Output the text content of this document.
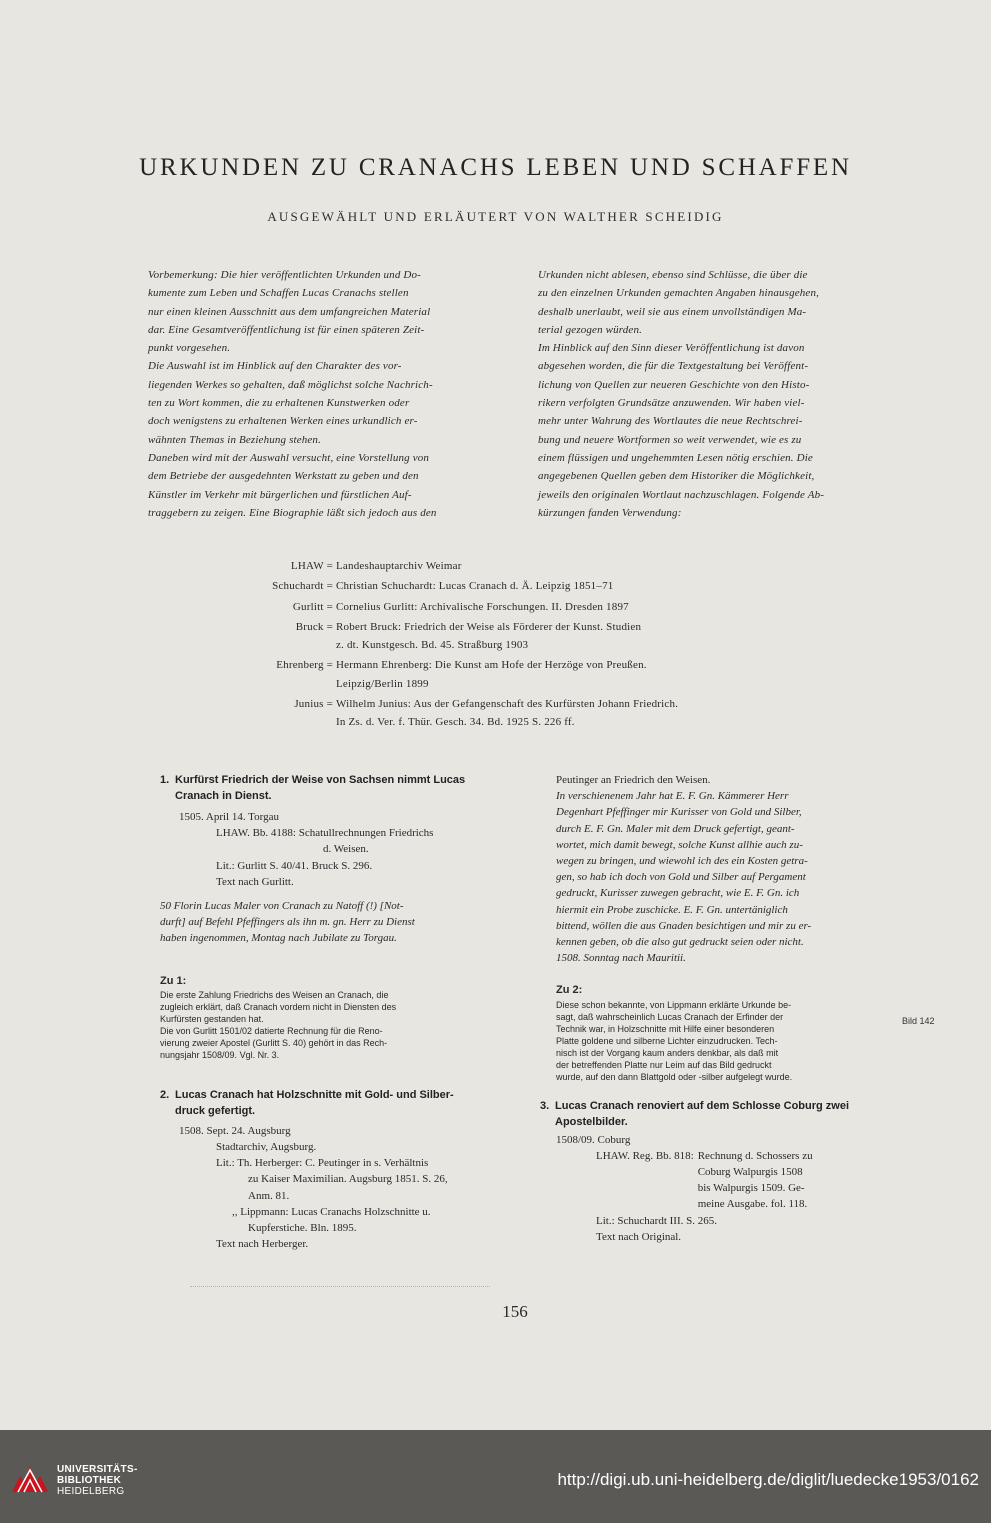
URKUNDEN ZU CRANACHS LEBEN UND SCHAFFEN
AUSGEWÄHLT UND ERLÄUTERT VON WALTHER SCHEIDIG

Vorbemerkung: Die hier veröffentlichten Urkunden und Do-

kumente zum Leben und Schaffen Lucas Cranachs stellen

nur einen kleinen Ausschnitt aus dem umfangreichen Material

dar. Eine Gesamtveröffentlichung ist für einen späteren Zeit-

punkt vorgesehen.

Die Auswahl ist im Hinblick auf den Charakter des vor-

liegenden Werkes so gehalten, daß möglichst solche Nachrich-

ten zu Wort kommen, die zu erhaltenen Kunstwerken oder

doch wenigstens zu erhaltenen Werken eines urkundlich er-

wähnten Themas in Beziehung stehen.

Daneben wird mit der Auswahl versucht, eine Vorstellung von

dem Betriebe der ausgedehnten Werkstatt zu geben und den

Künstler im Verkehr mit bürgerlichen und fürstlichen Auf-

traggebern zu zeigen. Eine Biographie läßt sich jedoch aus den

Urkunden nicht ablesen, ebenso sind Schlüsse, die über die

zu den einzelnen Urkunden gemachten Angaben hinausgehen,

deshalb unerlaubt, weil sie aus einem unvollständigen Ma-

terial gezogen würden.

Im Hinblick auf den Sinn dieser Veröffentlichung ist davon

abgesehen worden, die für die Textgestaltung bei Veröffent-

lichung von Quellen zur neueren Geschichte von den Histo-

rikern verfolgten Grundsätze anzuwenden. Wir haben viel-

mehr unter Wahrung des Wortlautes die neue Rechtschrei-

bung und neuere Wortformen so weit verwendet, wie es zu

einem flüssigen und ungehemmten Lesen nötig erschien. Die

angegebenen Quellen geben dem Historiker die Möglichkeit,

jeweils den originalen Wortlaut nachzuschlagen. Folgende Ab-

kürzungen fanden Verwendung:

LHAW = Landeshauptarchiv Weimar
Schuchardt = Christian Schuchardt: Lucas Cranach d. Ä. Leipzig 1851–71
Gurlitt = Cornelius Gurlitt: Archivalische Forschungen. II. Dresden 1897
Bruck = Robert Bruck: Friedrich der Weise als Förderer der Kunst. Studien
z. dt. Kunstgesch. Bd. 45. Straßburg 1903
Ehrenberg = Hermann Ehrenberg: Die Kunst am Hofe der Herzöge von Preußen.
Leipzig/Berlin 1899
Junius = Wilhelm Junius: Aus der Gefangenschaft des Kurfürsten Johann Friedrich.
In Zs. d. Ver. f. Thür. Gesch. 34. Bd. 1925 S. 226 ff.
1. Kurfürst Friedrich der Weise von Sachsen nimmt Lucas
Cranach in Dienst.
1505. April 14. Torgau
LHAW. Bb. 4188: Schatullrechnungen Friedrichs
d. Weisen.
Lit.: Gurlitt S. 40/41. Bruck S. 296.
Text nach Gurlitt.
50 Florin Lucas Maler von Cranach zu Natoff (!) [Not-
durft] auf Befehl Pfeffingers als ihn m. gn. Herr zu Dienst
haben ingenommen, Montag nach Jubilate zu Torgau.
Zu 1:
Die erste Zahlung Friedrichs des Weisen an Cranach, die
zugleich erklärt, daß Cranach vordem nicht in Diensten des
Kurfürsten gestanden hat.
Die von Gurlitt 1501/02 datierte Rechnung für die Reno-
vierung zweier Apostel (Gurlitt S. 40) gehört in das Rech-
nungsjahr 1508/09. Vgl. Nr. 3.
2. Lucas Cranach hat Holzschnitte mit Gold- und Silber-
druck gefertigt.
1508. Sept. 24. Augsburg
Stadtarchiv, Augsburg.
Lit.: Th. Herberger: C. Peutinger in s. Verhältnis
zu Kaiser Maximilian. Augsburg 1851. S. 26,
Anm. 81.
,, Lippmann: Lucas Cranachs Holzschnitte u.
Kupferstiche. Bln. 1895.
Text nach Herberger.
Peutinger an Friedrich den Weisen.
In verschienenem Jahr hat E. F. Gn. Kämmerer Herr
Degenhart Pfeffinger mir Kurisser von Gold und Silber,
durch E. F. Gn. Maler mit dem Druck gefertigt, geant-
wortet, mich damit bewegt, solche Kunst allhie auch zu-
wegen zu bringen, und wiewohl ich des ein Kosten getra-
gen, so hab ich doch von Gold und Silber auf Pergament
gedruckt, Kurisser zuwegen gebracht, wie E. F. Gn. ich
hiermit ein Probe zuschicke. E. F. Gn. untertäniglich
bittend, wöllen die aus Gnaden besichtigen und mir zu er-
kennen geben, ob die also gut gedruckt seien oder nicht.
1508. Sonntag nach Mauritii.
Zu 2:
Diese schon bekannte, von Lippmann erklärte Urkunde be-
sagt, daß wahrscheinlich Lucas Cranach der Erfinder der
Technik war, in Holzschnitte mit Hilfe einer besonderen
Platte goldene und silberne Lichter einzudrucken. Tech-
nisch ist der Vorgang kaum anders denkbar, als daß mit
der betreffenden Platte nur Leim auf das Bild gedruckt
wurde, auf den dann Blattgold oder -silber aufgelegt wurde.
3. Lucas Cranach renoviert auf dem Schlosse Coburg zwei
Apostelbilder.
1508/09. Coburg
LHAW. Reg. Bb. 818: Rechnung d. Schossers zu
Coburg Walpurgis 1508
bis Walpurgis 1509. Ge-
meine Ausgabe. fol. 118.
Lit.: Schuchardt III. S. 265.
Text nach Original.
Bild 142
156
UNIVERSITÄTS-
BIBLIOTHEK
HEIDELBERG
http://digi.ub.uni-heidelberg.de/diglit/luedecke1953/0162
